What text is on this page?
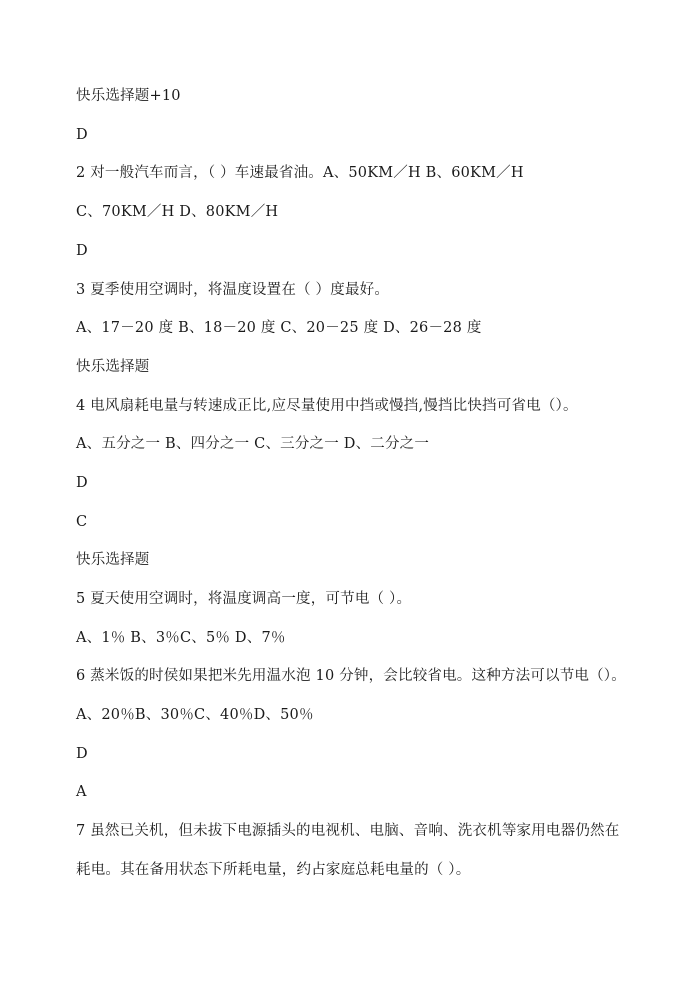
快乐选择题+10
D
2 对一般汽车而言，（ ）车速最省油。A、50KM／H B、60KM／H
C、70KM／H D、80KM／H
D
3 夏季使用空调时，将温度设置在（ ）度最好。
A、17－20 度 B、18－20 度 C、20－25 度 D、26－28 度
快乐选择题
4 电风扇耗电量与转速成正比,应尽量使用中挡或慢挡,慢挡比快挡可省电（）。
A、五分之一 B、四分之一 C、三分之一 D、二分之一
D
C
快乐选择题
5 夏天使用空调时，将温度调高一度，可节电（ ）。
A、1％ B、3％C、5％ D、7％
6 蒸米饭的时侯如果把米先用温水泡 10 分钟，会比较省电。这种方法可以节电（）。
A、20％B、30％C、40％D、50％
D
A
7 虽然已关机，但未拔下电源插头的电视机、电脑、音响、洗衣机等家用电器仍然在
耗电。其在备用状态下所耗电量，约占家庭总耗电量的（ ）。
